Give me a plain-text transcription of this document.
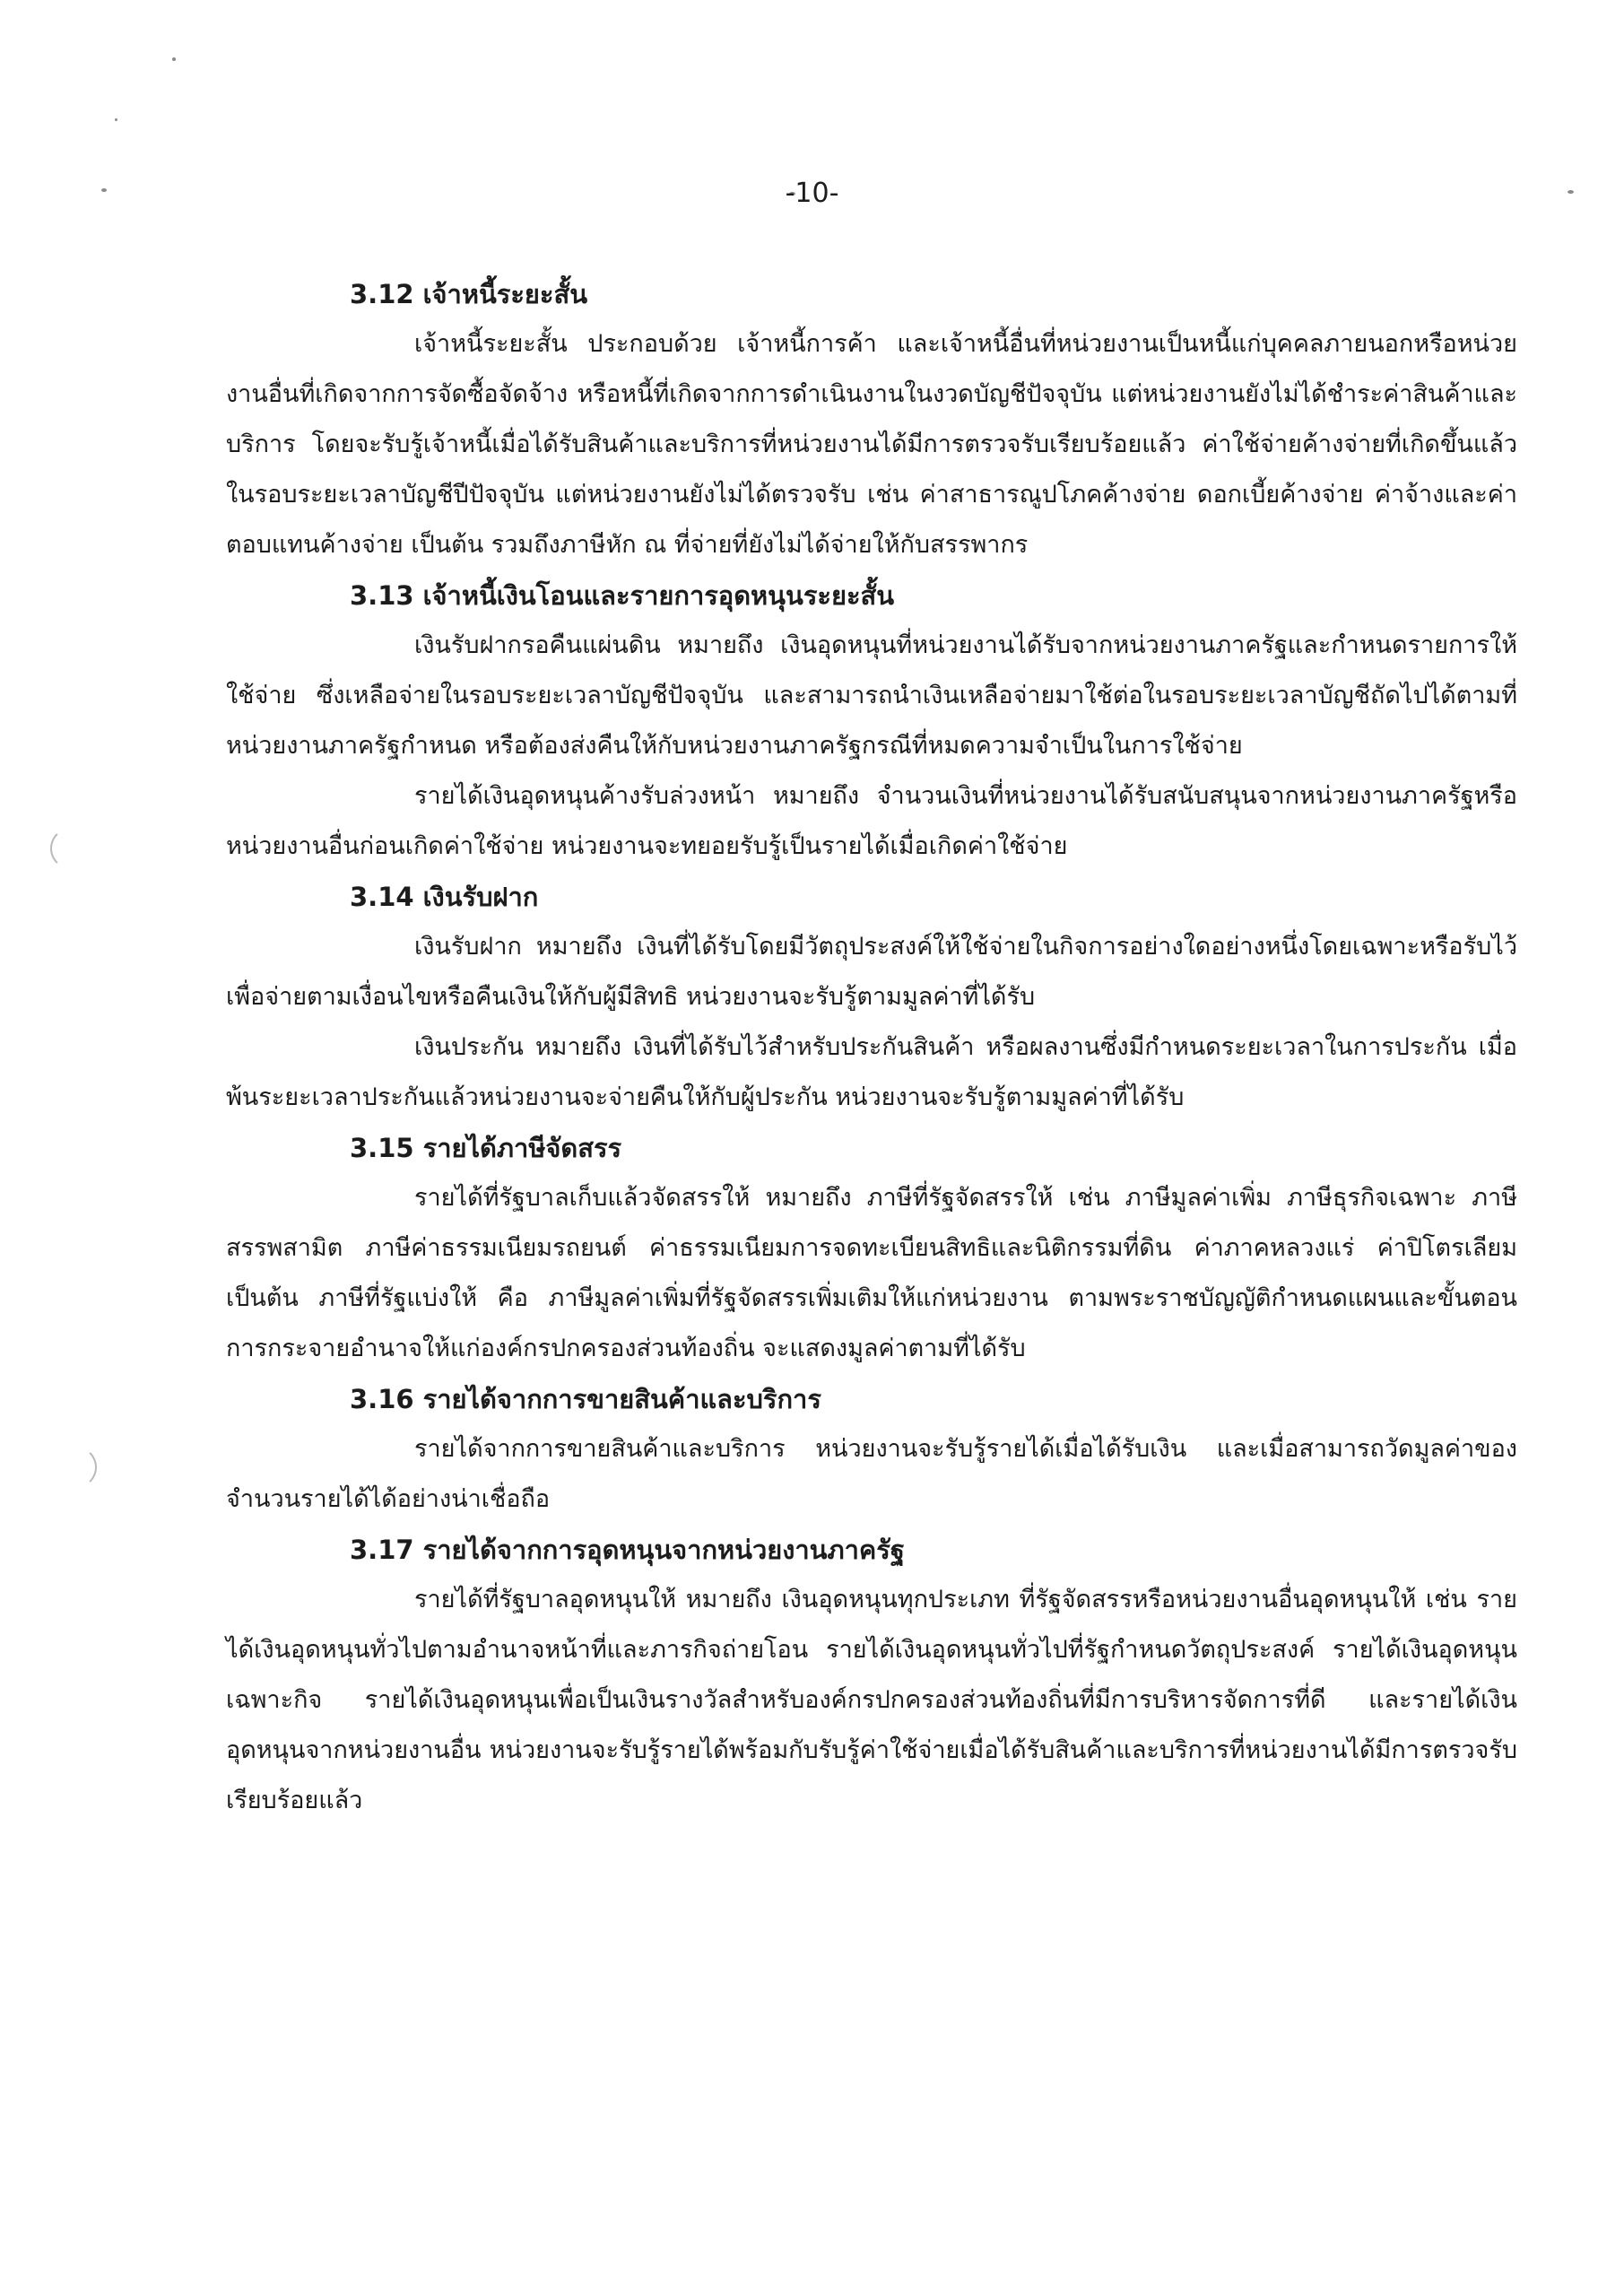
-10-

3.12 เจ้าหนี้ระยะสั้น

เจ้าหนี้ระยะสั้น ประกอบด้วย เจ้าหนี้การค้า และเจ้าหนี้อื่นที่หน่วยงานเป็นหนี้แก่บุคคลภายนอกหรือหน่วยงานอื่นที่เกิดจากการจัดซื้อจัดจ้าง หรือหนี้ที่เกิดจากการดำเนินงานในงวดบัญชีปัจจุบัน แต่หน่วยงานยังไม่ได้ชำระค่าสินค้าและบริการ โดยจะรับรู้เจ้าหนี้เมื่อได้รับสินค้าและบริการที่หน่วยงานได้มีการตรวจรับเรียบร้อยแล้ว ค่าใช้จ่ายค้างจ่ายที่เกิดขึ้นแล้วในรอบระยะเวลาบัญชีปีปัจจุบัน แต่หน่วยงานยังไม่ได้ตรวจรับ เช่น ค่าสาธารณูปโภคค้างจ่าย ดอกเบี้ยค้างจ่าย ค่าจ้างและค่าตอบแทนค้างจ่าย เป็นต้น รวมถึงภาษีหัก ณ ที่จ่ายที่ยังไม่ได้จ่ายให้กับสรรพากร

3.13 เจ้าหนี้เงินโอนและรายการอุดหนุนระยะสั้น

เงินรับฝากรอคืนแผ่นดิน หมายถึง เงินอุดหนุนที่หน่วยงานได้รับจากหน่วยงานภาครัฐและกำหนดรายการให้ใช้จ่าย ซึ่งเหลือจ่ายในรอบระยะเวลาบัญชีปัจจุบัน และสามารถนำเงินเหลือจ่ายมาใช้ต่อในรอบระยะเวลาบัญชีถัดไปได้ตามที่หน่วยงานภาครัฐกำหนด หรือต้องส่งคืนให้กับหน่วยงานภาครัฐกรณีที่หมดความจำเป็นในการใช้จ่าย

รายได้เงินอุดหนุนค้างรับล่วงหน้า หมายถึง จำนวนเงินที่หน่วยงานได้รับสนับสนุนจากหน่วยงานภาครัฐหรือหน่วยงานอื่นก่อนเกิดค่าใช้จ่าย หน่วยงานจะทยอยรับรู้เป็นรายได้เมื่อเกิดค่าใช้จ่าย

3.14 เงินรับฝาก

เงินรับฝาก หมายถึง เงินที่ได้รับโดยมีวัตถุประสงค์ให้ใช้จ่ายในกิจการอย่างใดอย่างหนึ่งโดยเฉพาะหรือรับไว้เพื่อจ่ายตามเงื่อนไขหรือคืนเงินให้กับผู้มีสิทธิ หน่วยงานจะรับรู้ตามมูลค่าที่ได้รับ

เงินประกัน หมายถึง เงินที่ได้รับไว้สำหรับประกันสินค้า หรือผลงานซึ่งมีกำหนดระยะเวลาในการประกัน เมื่อพ้นระยะเวลาประกันแล้วหน่วยงานจะจ่ายคืนให้กับผู้ประกัน หน่วยงานจะรับรู้ตามมูลค่าที่ได้รับ

3.15 รายได้ภาษีจัดสรร

รายได้ที่รัฐบาลเก็บแล้วจัดสรรให้ หมายถึง ภาษีที่รัฐจัดสรรให้ เช่น ภาษีมูลค่าเพิ่ม ภาษีธุรกิจเฉพาะ ภาษีสรรพสามิต ภาษีค่าธรรมเนียมรถยนต์ ค่าธรรมเนียมการจดทะเบียนสิทธิและนิติกรรมที่ดิน ค่าภาคหลวงแร่ ค่าปิโตรเลียม เป็นต้น ภาษีที่รัฐแบ่งให้ คือ ภาษีมูลค่าเพิ่มที่รัฐจัดสรรเพิ่มเติมให้แก่หน่วยงาน ตามพระราชบัญญัติกำหนดแผนและขั้นตอนการกระจายอำนาจให้แก่องค์กรปกครองส่วนท้องถิ่น จะแสดงมูลค่าตามที่ได้รับ

3.16 รายได้จากการขายสินค้าและบริการ

รายได้จากการขายสินค้าและบริการ หน่วยงานจะรับรู้รายได้เมื่อได้รับเงิน และเมื่อสามารถวัดมูลค่าของจำนวนรายได้ได้อย่างน่าเชื่อถือ

3.17 รายได้จากการอุดหนุนจากหน่วยงานภาครัฐ

รายได้ที่รัฐบาลอุดหนุนให้ หมายถึง เงินอุดหนุนทุกประเภท ที่รัฐจัดสรรหรือหน่วยงานอื่นอุดหนุนให้ เช่น รายได้เงินอุดหนุนทั่วไปตามอำนาจหน้าที่และภารกิจถ่ายโอน รายได้เงินอุดหนุนทั่วไปที่รัฐกำหนดวัตถุประสงค์ รายได้เงินอุดหนุนเฉพาะกิจ รายได้เงินอุดหนุนเพื่อเป็นเงินรางวัลสำหรับองค์กรปกครองส่วนท้องถิ่นที่มีการบริหารจัดการที่ดี และรายได้เงินอุดหนุนจากหน่วยงานอื่น หน่วยงานจะรับรู้รายได้พร้อมกับรับรู้ค่าใช้จ่ายเมื่อได้รับสินค้าและบริการที่หน่วยงานได้มีการตรวจรับเรียบร้อยแล้ว
